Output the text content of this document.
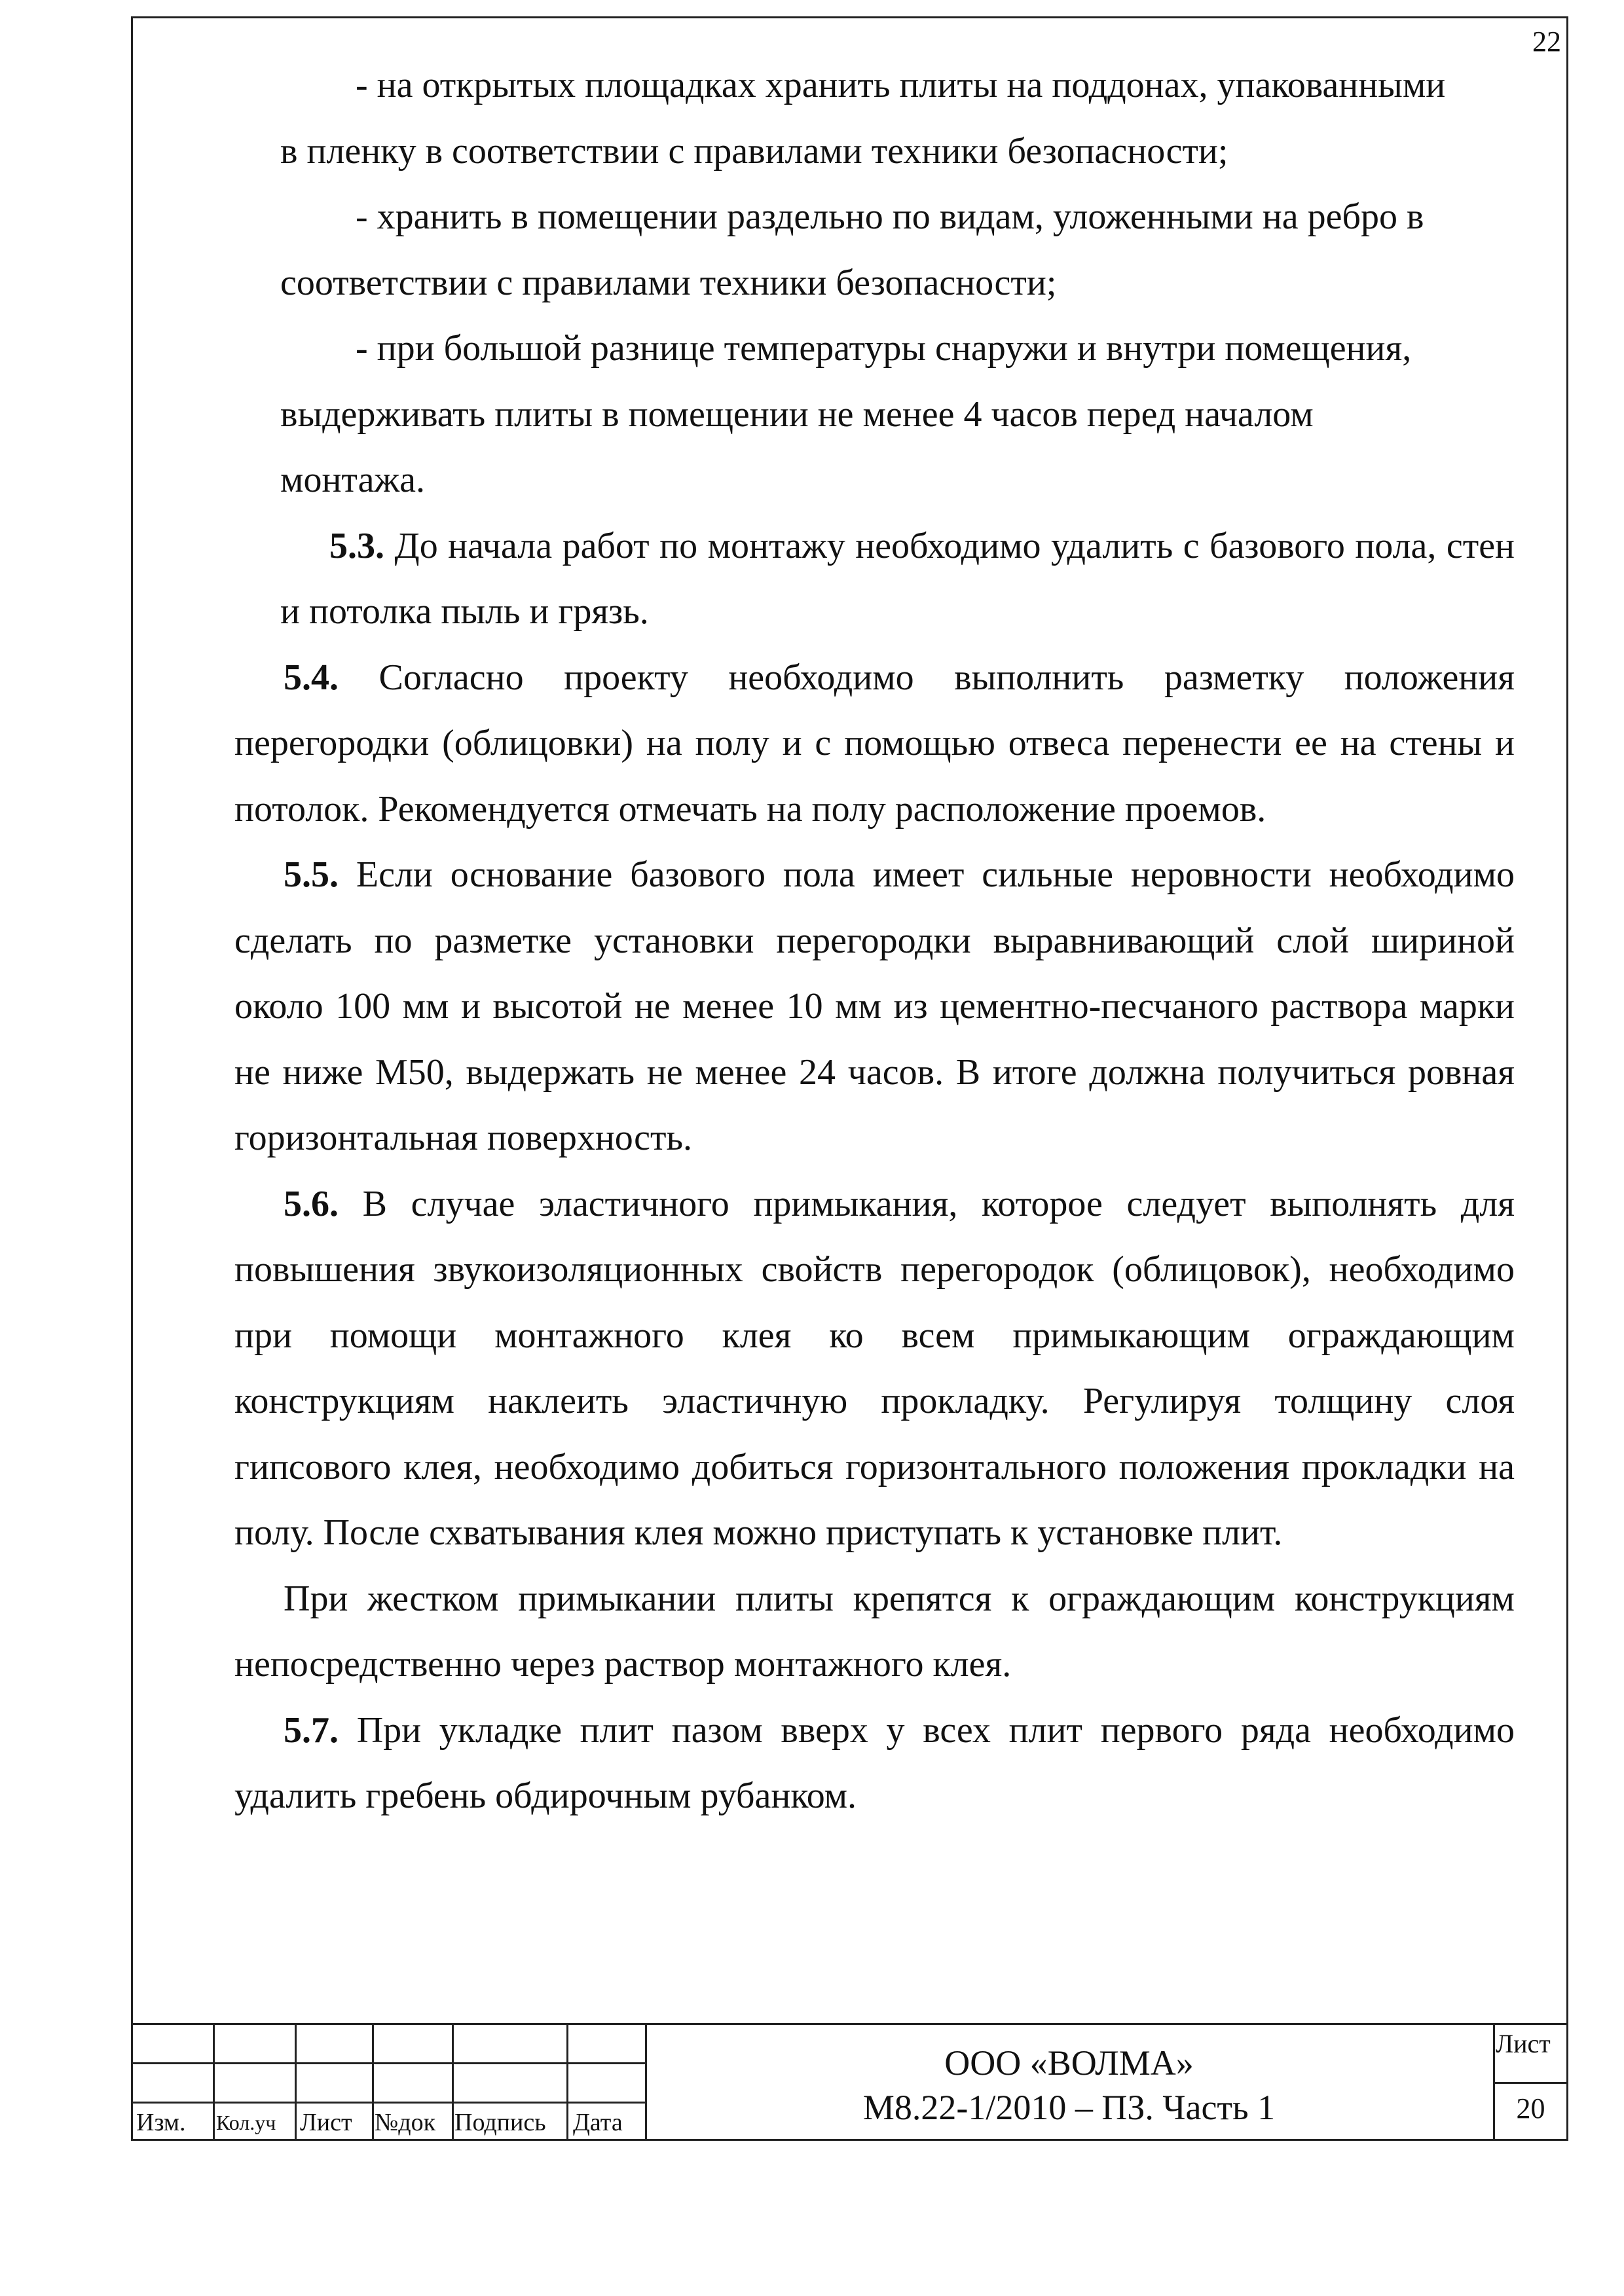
22

- на открытых площадках хранить плиты на поддонах, упакованными

в пленку в соответствии с правилами техники безопасности;

- хранить в помещении раздельно по видам, уложенными на ребро в

соответствии с правилами техники безопасности;

- при большой разнице температуры снаружи и внутри помещения,

выдерживать плиты в помещении не менее 4 часов перед началом

монтажа.

5.3. До начала работ по монтажу необходимо удалить с базового пола, стен и потолка пыль и грязь.

5.4. Согласно проекту необходимо выполнить разметку положения перегородки (облицовки) на полу и с помощью отвеса перенести ее на стены и потолок. Рекомендуется отмечать на полу расположение проемов.

5.5. Если основание базового пола имеет сильные неровности необходимо сделать по разметке установки перегородки выравнивающий слой шириной около 100 мм и высотой не менее 10 мм из цементно-песчаного раствора марки не ниже М50, выдержать не менее 24 часов. В итоге должна получиться ровная горизонтальная поверхность.

5.6. В случае эластичного примыкания, которое следует выполнять для повышения звукоизоляционных свойств перегородок (облицовок), необходимо при помощи монтажного клея ко всем примыкающим ограждающим конструкциям наклеить эластичную прокладку. Регулируя толщину слоя гипсового клея, необходимо добиться горизонтального положения прокладки на полу. После схватывания клея можно приступать к установке плит.

При жестком примыкании плиты крепятся к ограждающим конструкциям непосредственно через раствор монтажного клея.

5.7. При укладке плит пазом вверх у всех плит первого ряда необходимо удалить гребень обдирочным рубанком.

Изм. Кол.уч Лист №док Подпись Дата
ООО «ВОЛМА»
М8.22-1/2010 – ПЗ. Часть 1
Лист
20
